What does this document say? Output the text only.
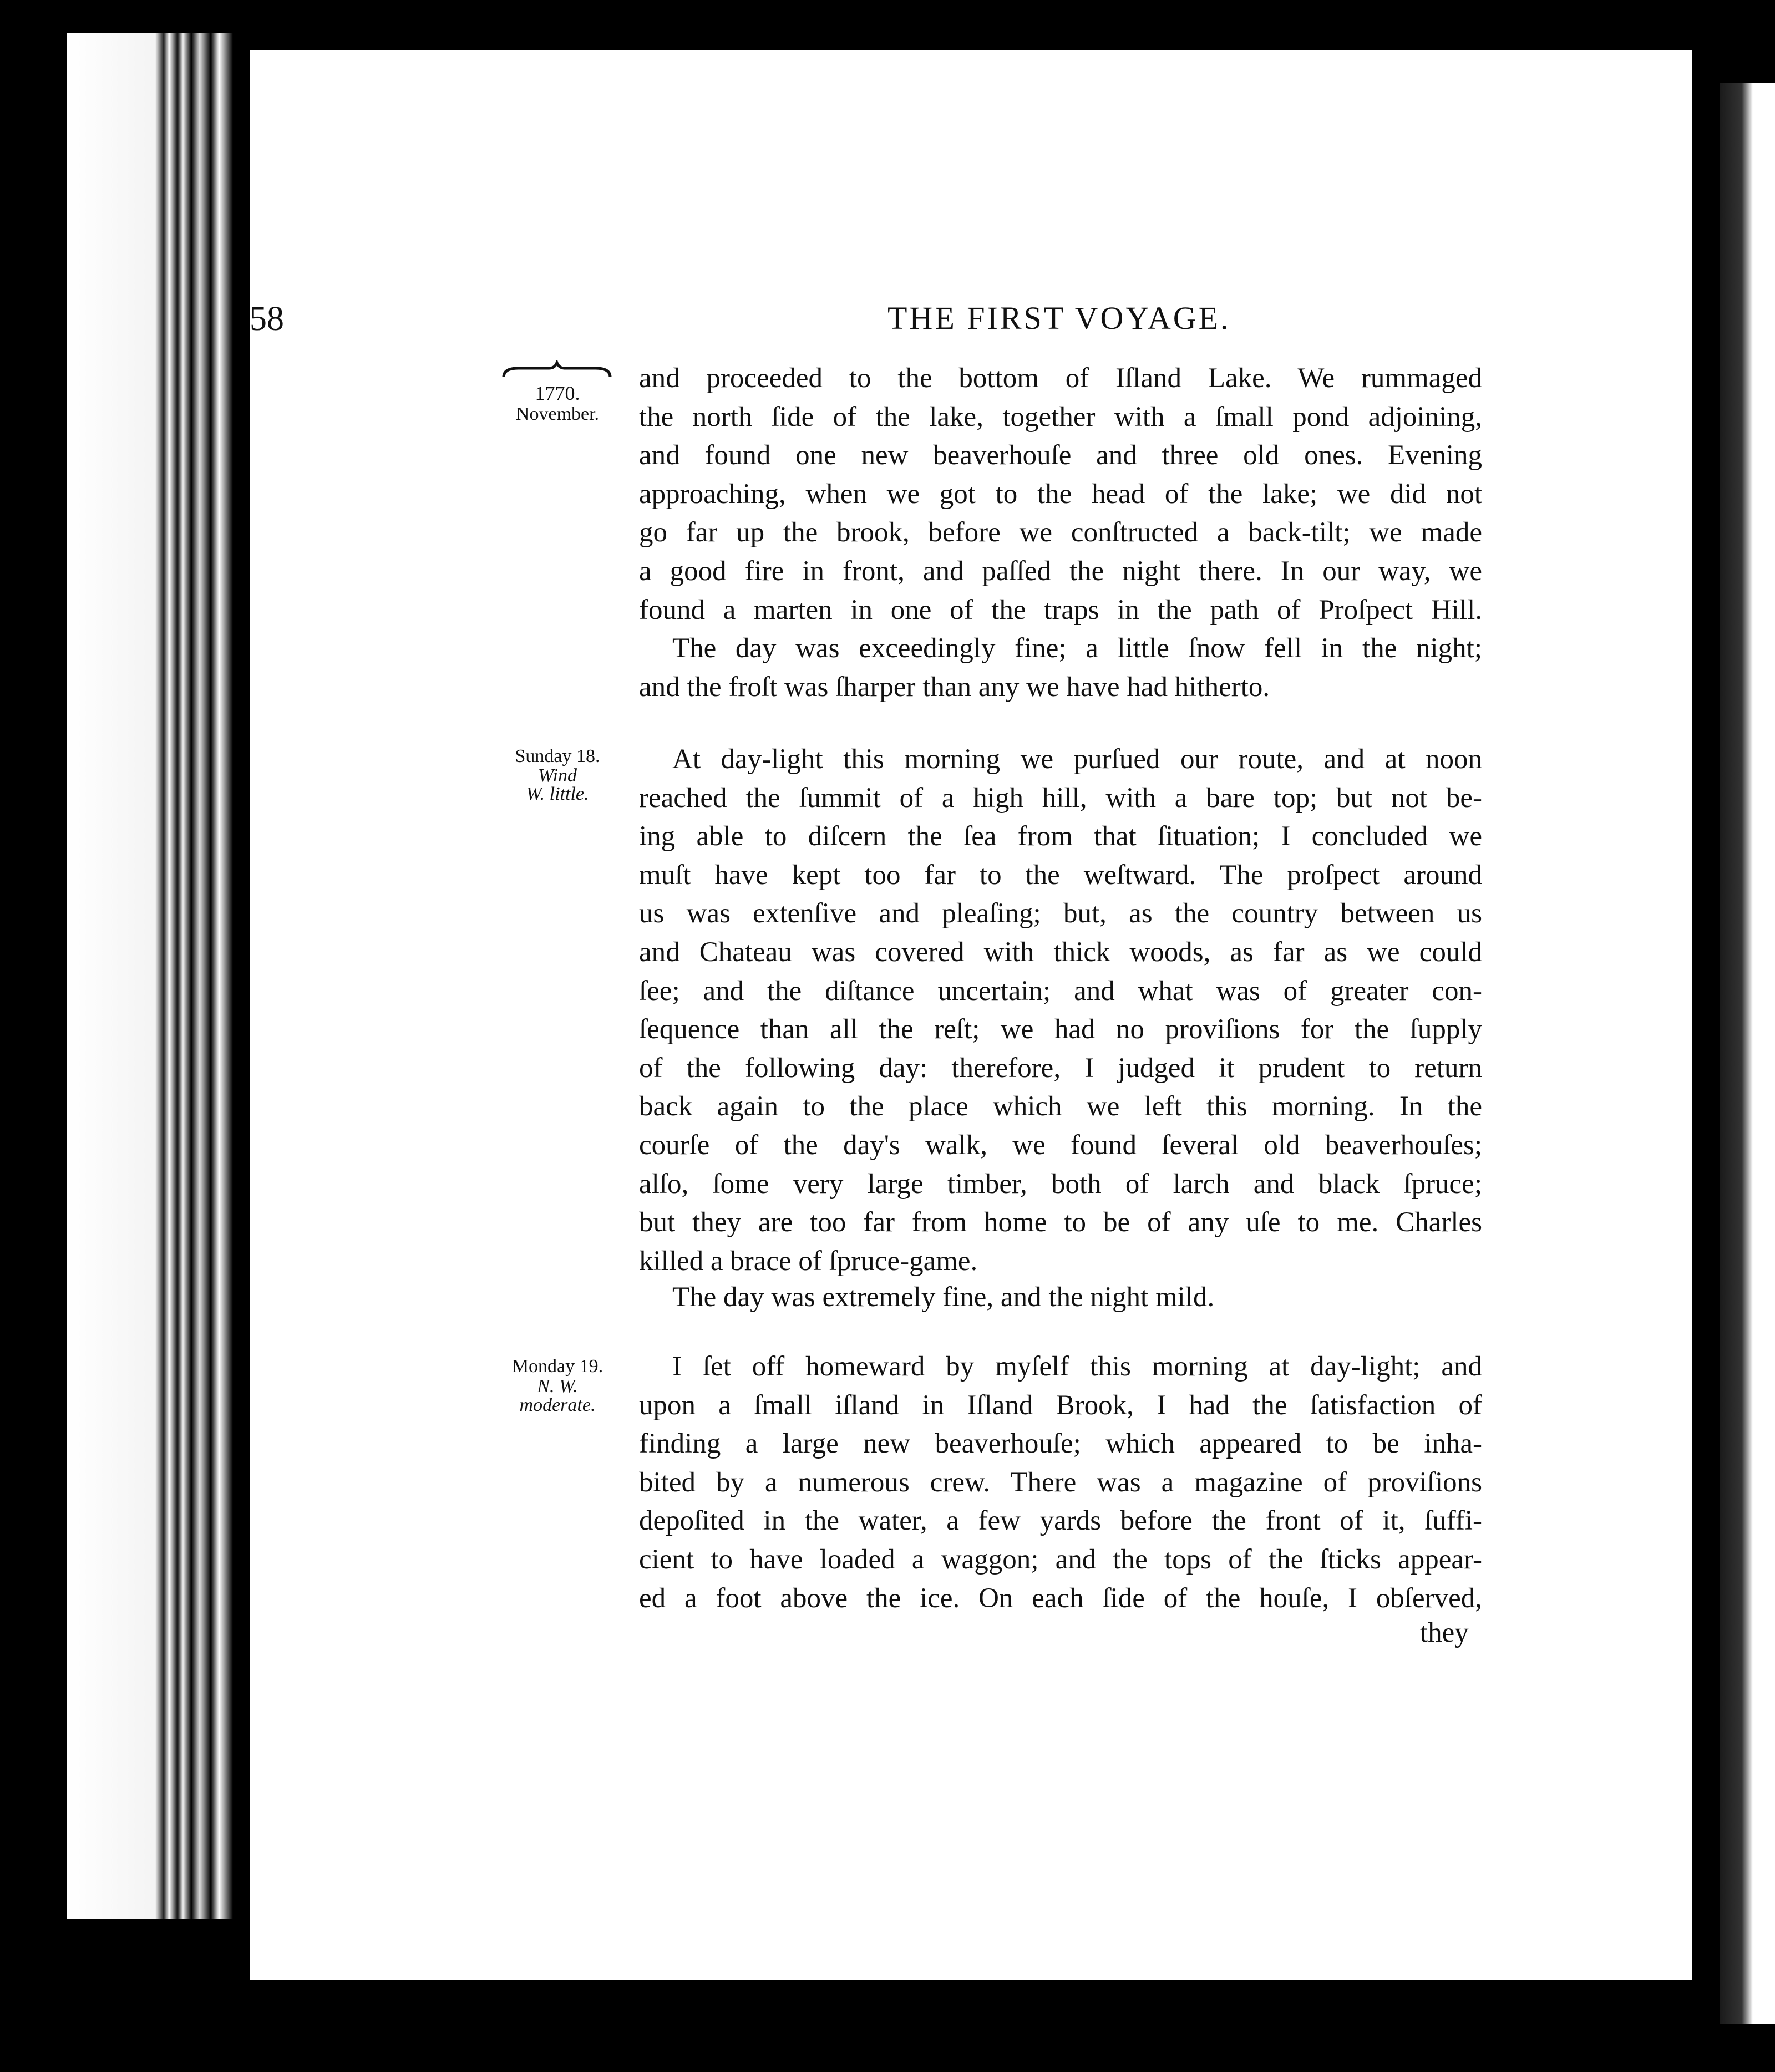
58	THE FIRST VOYAGE.
1770.
November.
Sunday 18.
Wind
W. little.
Monday 19.
N. W.
moderate.
and proceeded to the bottom of Iſland Lake. We rummaged
the north ſide of the lake, together with a ſmall pond adjoining,
and found one new beaverhouſe and three old ones. Evening
approaching, when we got to the head of the lake; we did not
go far up the brook, before we conſtructed a back-tilt; we made
a good fire in front, and paſſed the night there. In our way, we
found a marten in one of the traps in the path of Proſpect Hill.
The day was exceedingly fine; a little ſnow fell in the night;
and the froſt was ſharper than any we have had hitherto.
At day-light this morning we purſued our route, and at noon
reached the ſummit of a high hill, with a bare top; but not be-
ing able to diſcern the ſea from that ſituation; I concluded we
muſt have kept too far to the weſtward. The proſpect around
us was extenſive and pleaſing; but, as the country between us
and Chateau was covered with thick woods, as far as we could
ſee; and the diſtance uncertain; and what was of greater con-
ſequence than all the reſt; we had no proviſions for the ſupply
of the following day: therefore, I judged it prudent to return
back again to the place which we left this morning. In the
courſe of the day's walk, we found ſeveral old beaverhouſes;
alſo, ſome very large timber, both of larch and black ſpruce;
but they are too far from home to be of any uſe to me. Charles
killed a brace of ſpruce-game.
The day was extremely fine, and the night mild.
I ſet off homeward by myſelf this morning at day-light; and
upon a ſmall iſland in Iſland Brook, I had the ſatisfaction of
finding a large new beaverhouſe; which appeared to be inha-
bited by a numerous crew. There was a magazine of proviſions
depoſited in the water, a few yards before the front of it, ſuffi-
cient to have loaded a waggon; and the tops of the ſticks appear-
ed a foot above the ice. On each ſide of the houſe, I obſerved,
they
